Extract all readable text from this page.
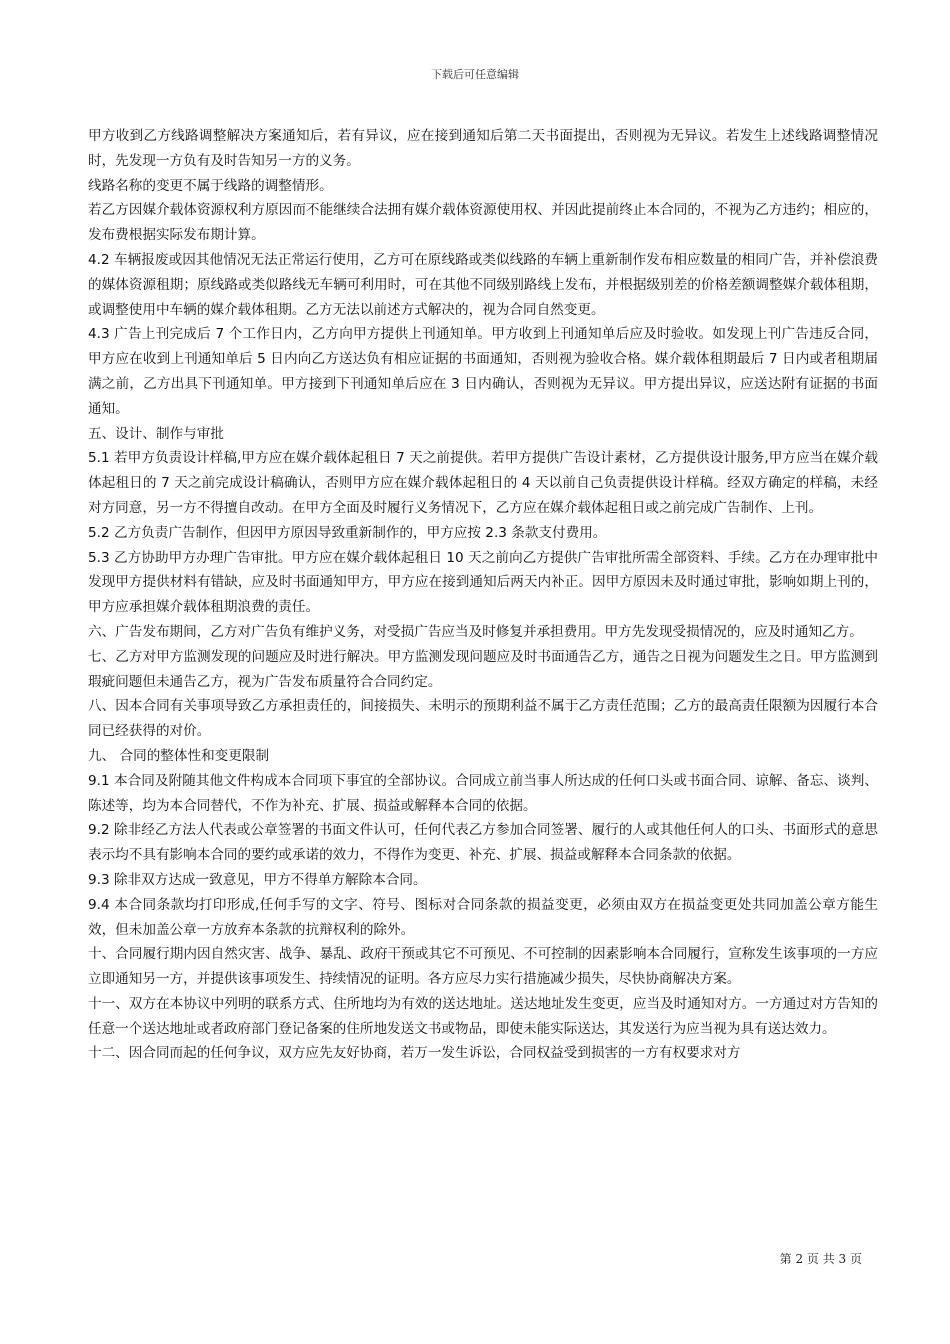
下载后可任意编辑

甲方收到乙方线路调整解决方案通知后，若有异议，应在接到通知后第二天书面提出，否则视为无异议。若发生上述线路调整情况时，先发现一方负有及时告知另一方的义务。

线路名称的变更不属于线路的调整情形。

若乙方因媒介载体资源权利方原因而不能继续合法拥有媒介载体资源使用权、并因此提前终止本合同的，不视为乙方违约；相应的，发布费根据实际发布期计算。

4.2 车辆报废或因其他情况无法正常运行使用，乙方可在原线路或类似线路的车辆上重新制作发布相应数量的相同广告，并补偿浪费的媒体资源租期；原线路或类似路线无车辆可利用时，可在其他不同级别路线上发布，并根据级别差的价格差额调整媒介载体租期，或调整使用中车辆的媒介载体租期。乙方无法以前述方式解决的，视为合同自然变更。

4.3 广告上刊完成后 7 个工作日内，乙方向甲方提供上刊通知单。甲方收到上刊通知单后应及时验收。如发现上刊广告违反合同，甲方应在收到上刊通知单后 5 日内向乙方送达负有相应证据的书面通知，否则视为验收合格。媒介载体租期最后 7 日内或者租期届满之前，乙方出具下刊通知单。甲方接到下刊通知单后应在 3 日内确认，否则视为无异议。甲方提出异议，应送达附有证据的书面通知。

五、设计、制作与审批

5.1 若甲方负责设计样稿,甲方应在媒介载体起租日 7 天之前提供。若甲方提供广告设计素材，乙方提供设计服务,甲方应当在媒介载体起租日的 7 天之前完成设计稿确认，否则甲方应在媒介载体起租日的 4 天以前自己负责提供设计样稿。经双方确定的样稿，未经对方同意，另一方不得擅自改动。在甲方全面及时履行义务情况下，乙方应在媒介载体起租日或之前完成广告制作、上刊。

5.2 乙方负责广告制作，但因甲方原因导致重新制作的，甲方应按 2.3 条款支付费用。

5.3 乙方协助甲方办理广告审批。甲方应在媒介载体起租日 10 天之前向乙方提供广告审批所需全部资料、手续。乙方在办理审批中发现甲方提供材料有错缺，应及时书面通知甲方，甲方应在接到通知后两天内补正。因甲方原因未及时通过审批，影响如期上刊的，甲方应承担媒介载体租期浪费的责任。

六、广告发布期间，乙方对广告负有维护义务，对受损广告应当及时修复并承担费用。甲方先发现受损情况的，应及时通知乙方。

七、乙方对甲方监测发现的问题应及时进行解决。甲方监测发现问题应及时书面通告乙方，通告之日视为问题发生之日。甲方监测到瑕疵问题但未通告乙方，视为广告发布质量符合合同约定。

八、因本合同有关事项导致乙方承担责任的，间接损失、未明示的预期利益不属于乙方责任范围；乙方的最高责任限额为因履行本合同已经获得的对价。

九、 合同的整体性和变更限制

9.1 本合同及附随其他文件构成本合同项下事宜的全部协议。合同成立前当事人所达成的任何口头或书面合同、谅解、备忘、谈判、陈述等，均为本合同替代，不作为补充、扩展、损益或解释本合同的依据。

9.2 除非经乙方法人代表或公章签署的书面文件认可，任何代表乙方参加合同签署、履行的人或其他任何人的口头、书面形式的意思表示均不具有影响本合同的要约或承诺的效力，不得作为变更、补充、扩展、损益或解释本合同条款的依据。

9.3 除非双方达成一致意见，甲方不得单方解除本合同。

9.4 本合同条款均打印形成,任何手写的文字、符号、图标对合同条款的损益变更，必须由双方在损益变更处共同加盖公章方能生效，但未加盖公章一方放弃本条款的抗辩权利的除外。

十、合同履行期内因自然灾害、战争、暴乱、政府干预或其它不可预见、不可控制的因素影响本合同履行，宣称发生该事项的一方应立即通知另一方，并提供该事项发生、持续情况的证明。各方应尽力实行措施减少损失，尽快协商解决方案。

十一、双方在本协议中列明的联系方式、住所地均为有效的送达地址。送达地址发生变更，应当及时通知对方。一方通过对方告知的任意一个送达地址或者政府部门登记备案的住所地发送文书或物品，即使未能实际送达，其发送行为应当视为具有送达效力。

十二、因合同而起的任何争议，双方应先友好协商，若万一发生诉讼，合同权益受到损害的一方有权要求对方

第 2 页 共 3 页
